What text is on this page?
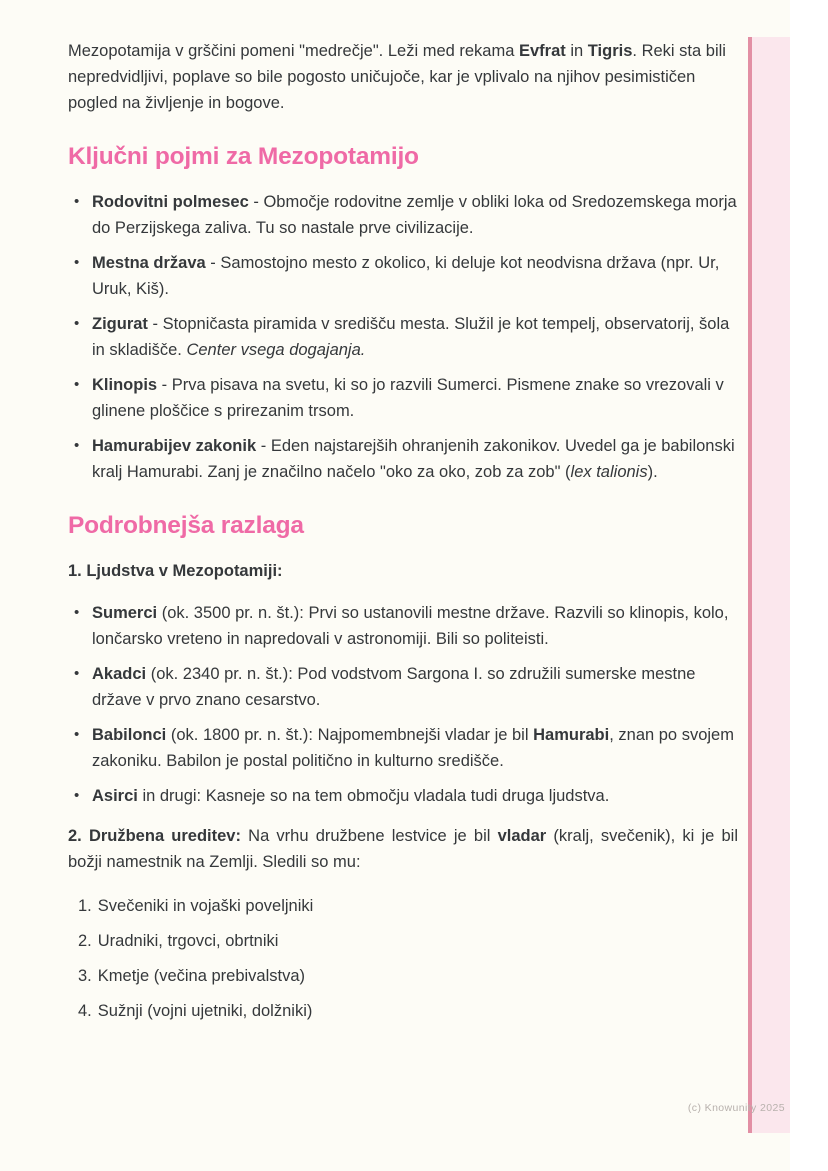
Mezopotamija v grščini pomeni "medrečje". Leži med rekama Evfrat in Tigris. Reki sta bili nepredvidljivi, poplave so bile pogosto uničujoče, kar je vplivalo na njihov pesimističen pogled na življenje in bogove.

Ključni pojmi za Mezopotamijo
• Rodovitni polmesec - Območje rodovitne zemlje v obliki loka od Sredozemskega morja do Perzijskega zaliva. Tu so nastale prve civilizacije.
• Mestna država - Samostojno mesto z okolico, ki deluje kot neodvisna država (npr. Ur, Uruk, Kiš).
• Zigurat - Stopničasta piramida v središču mesta. Služil je kot tempelj, observatorij, šola in skladišče. Center vsega dogajanja.
• Klinopis - Prva pisava na svetu, ki so jo razvili Sumerci. Pismene znake so vrezovali v glinene ploščice s prirezanim trsom.
• Hamurabijev zakonik - Eden najstarejših ohranjenih zakonikov. Uvedel ga je babilonski kralj Hamurabi. Zanj je značilno načelo "oko za oko, zob za zob" (lex talionis).
Podrobnejša razlaga

1. Ljudstva v Mezopotamiji:

• Sumerci (ok. 3500 pr. n. št.): Prvi so ustanovili mestne države. Razvili so klinopis, kolo, lončarsko vreteno in napredovali v astronomiji. Bili so politeisti.
• Akadci (ok. 2340 pr. n. št.): Pod vodstvom Sargona I. so združili sumerske mestne države v prvo znano cesarstvo.
• Babilonci (ok. 1800 pr. n. št.): Najpomembnejši vladar je bil Hamurabi, znan po svojem zakoniku. Babilon je postal politično in kulturno središče.
• Asirci in drugi: Kasneje so na tem območju vladala tudi druga ljudstva.

2. Družbena ureditev: Na vrhu družbene lestvice je bil vladar (kralj, svečenik), ki je bil božji namestnik na Zemlji. Sledili so mu:

1. Svečeniki in vojaški poveljniki
2. Uradniki, trgovci, obrtniki
3. Kmetje (večina prebivalstva)
4. Sužnji (vojni ujetniki, dolžniki)
(c) Knowunity 2025
